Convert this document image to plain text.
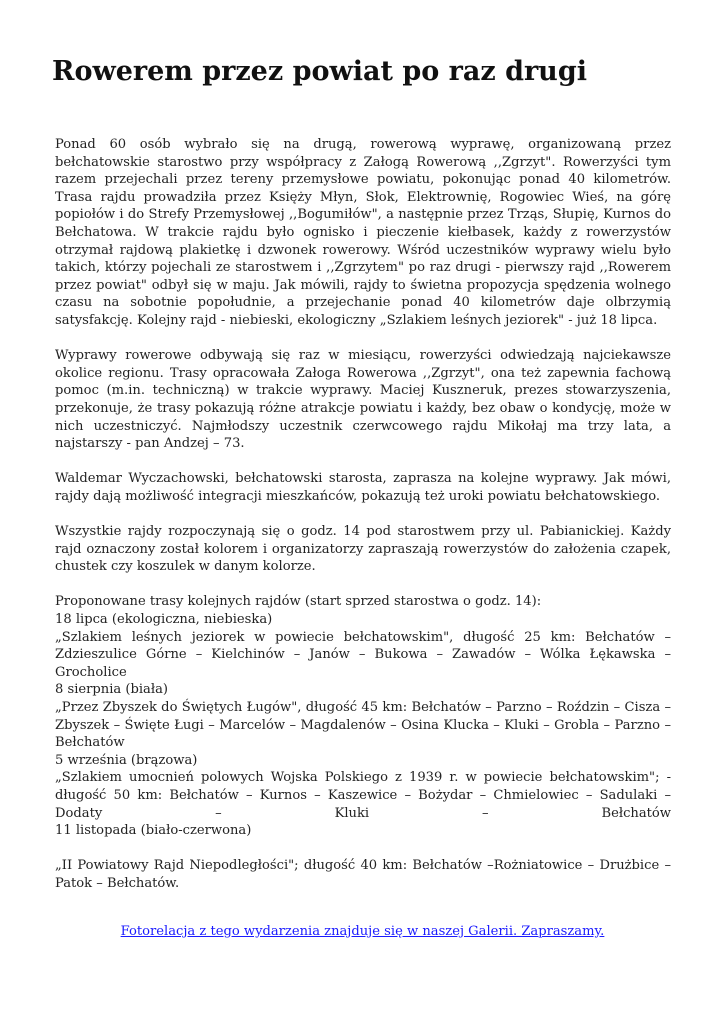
Rowerem przez powiat po raz drugi

Ponad 60 osób wybrało się na drugą, rowerową wyprawę, organizowaną przez bełchatowskie starostwo przy współpracy z Załogą Rowerową ,,Zgrzyt". Rowerzyści tym razem przejechali przez tereny przemysłowe powiatu, pokonując ponad 40 kilometrów. Trasa rajdu prowadziła przez Księży Młyn, Słok, Elektrownię, Rogowiec Wieś, na górę popiołów i do Strefy Przemysłowej ,,Bogumiłów", a następnie przez Trząs, Słupię, Kurnos do Bełchatowa. W trakcie rajdu było ognisko i pieczenie kiełbasek, każdy z rowerzystów otrzymał rajdową plakietkę i dzwonek rowerowy. Wśród uczestników wyprawy wielu było takich, którzy pojechali ze starostwem i ,,Zgrzytem" po raz drugi - pierwszy rajd ,,Rowerem przez powiat" odbył się w maju. Jak mówili, rajdy to świetna propozycja spędzenia wolnego czasu na sobotnie popołudnie, a przejechanie ponad 40 kilometrów daje olbrzymią satysfakcję. Kolejny rajd - niebieski, ekologiczny „Szlakiem leśnych jeziorek" - już 18 lipca.

Wyprawy rowerowe odbywają się raz w miesiącu, rowerzyści odwiedzają najciekawsze okolice regionu. Trasy opracowała Załoga Rowerowa ,,Zgrzyt", ona też zapewnia fachową pomoc (m.in. techniczną) w trakcie wyprawy. Maciej Kuszneruk, prezes stowarzyszenia, przekonuje, że trasy pokazują różne atrakcje powiatu i każdy, bez obaw o kondycję, może w nich uczestniczyć. Najmłodszy uczestnik czerwcowego rajdu Mikołaj ma trzy lata, a najstarszy - pan Andzej – 73.

Waldemar Wyczachowski, bełchatowski starosta, zaprasza na kolejne wyprawy. Jak mówi, rajdy dają możliwość integracji mieszkańców, pokazują też uroki powiatu bełchatowskiego.

Wszystkie rajdy rozpoczynają się o godz. 14 pod starostwem przy ul. Pabianickiej. Każdy rajd oznaczony został kolorem i organizatorzy zapraszają rowerzystów do założenia czapek, chustek czy koszulek w danym kolorze.

Proponowane trasy kolejnych rajdów (start sprzed starostwa o godz. 14):
18 lipca (ekologiczna, niebieska)
„Szlakiem leśnych jeziorek w powiecie bełchatowskim", długość 25 km: Bełchatów – Zdzieszulice Górne – Kielchinów – Janów – Bukowa – Zawadów – Wólka Łękawska – Grocholice
8 sierpnia (biała)
„Przez Zbyszek do Świętych Ługów", długość 45 km: Bełchatów – Parzno – Roździn – Cisza – Zbyszek – Święte Ługi – Marcelów – Magdalenów – Osina Klucka – Kluki – Grobla – Parzno – Bełchatów
5 września (brązowa)
„Szlakiem umocnień polowych Wojska Polskiego z 1939 r. w powiecie bełchatowskim"; - długość 50 km: Bełchatów – Kurnos – Kaszewice – Bożydar – Chmielowiec – Sadulaki – Dodaty – Kluki – Bełchatów
11 listopada (biało-czerwona)

„II Powiatowy Rajd Niepodległości"; długość 40 km: Bełchatów –Rożniatowice – Drużbice – Patok – Bełchatów.

Fotorelacja z tego wydarzenia znajduje się w naszej Galerii. Zapraszamy.
